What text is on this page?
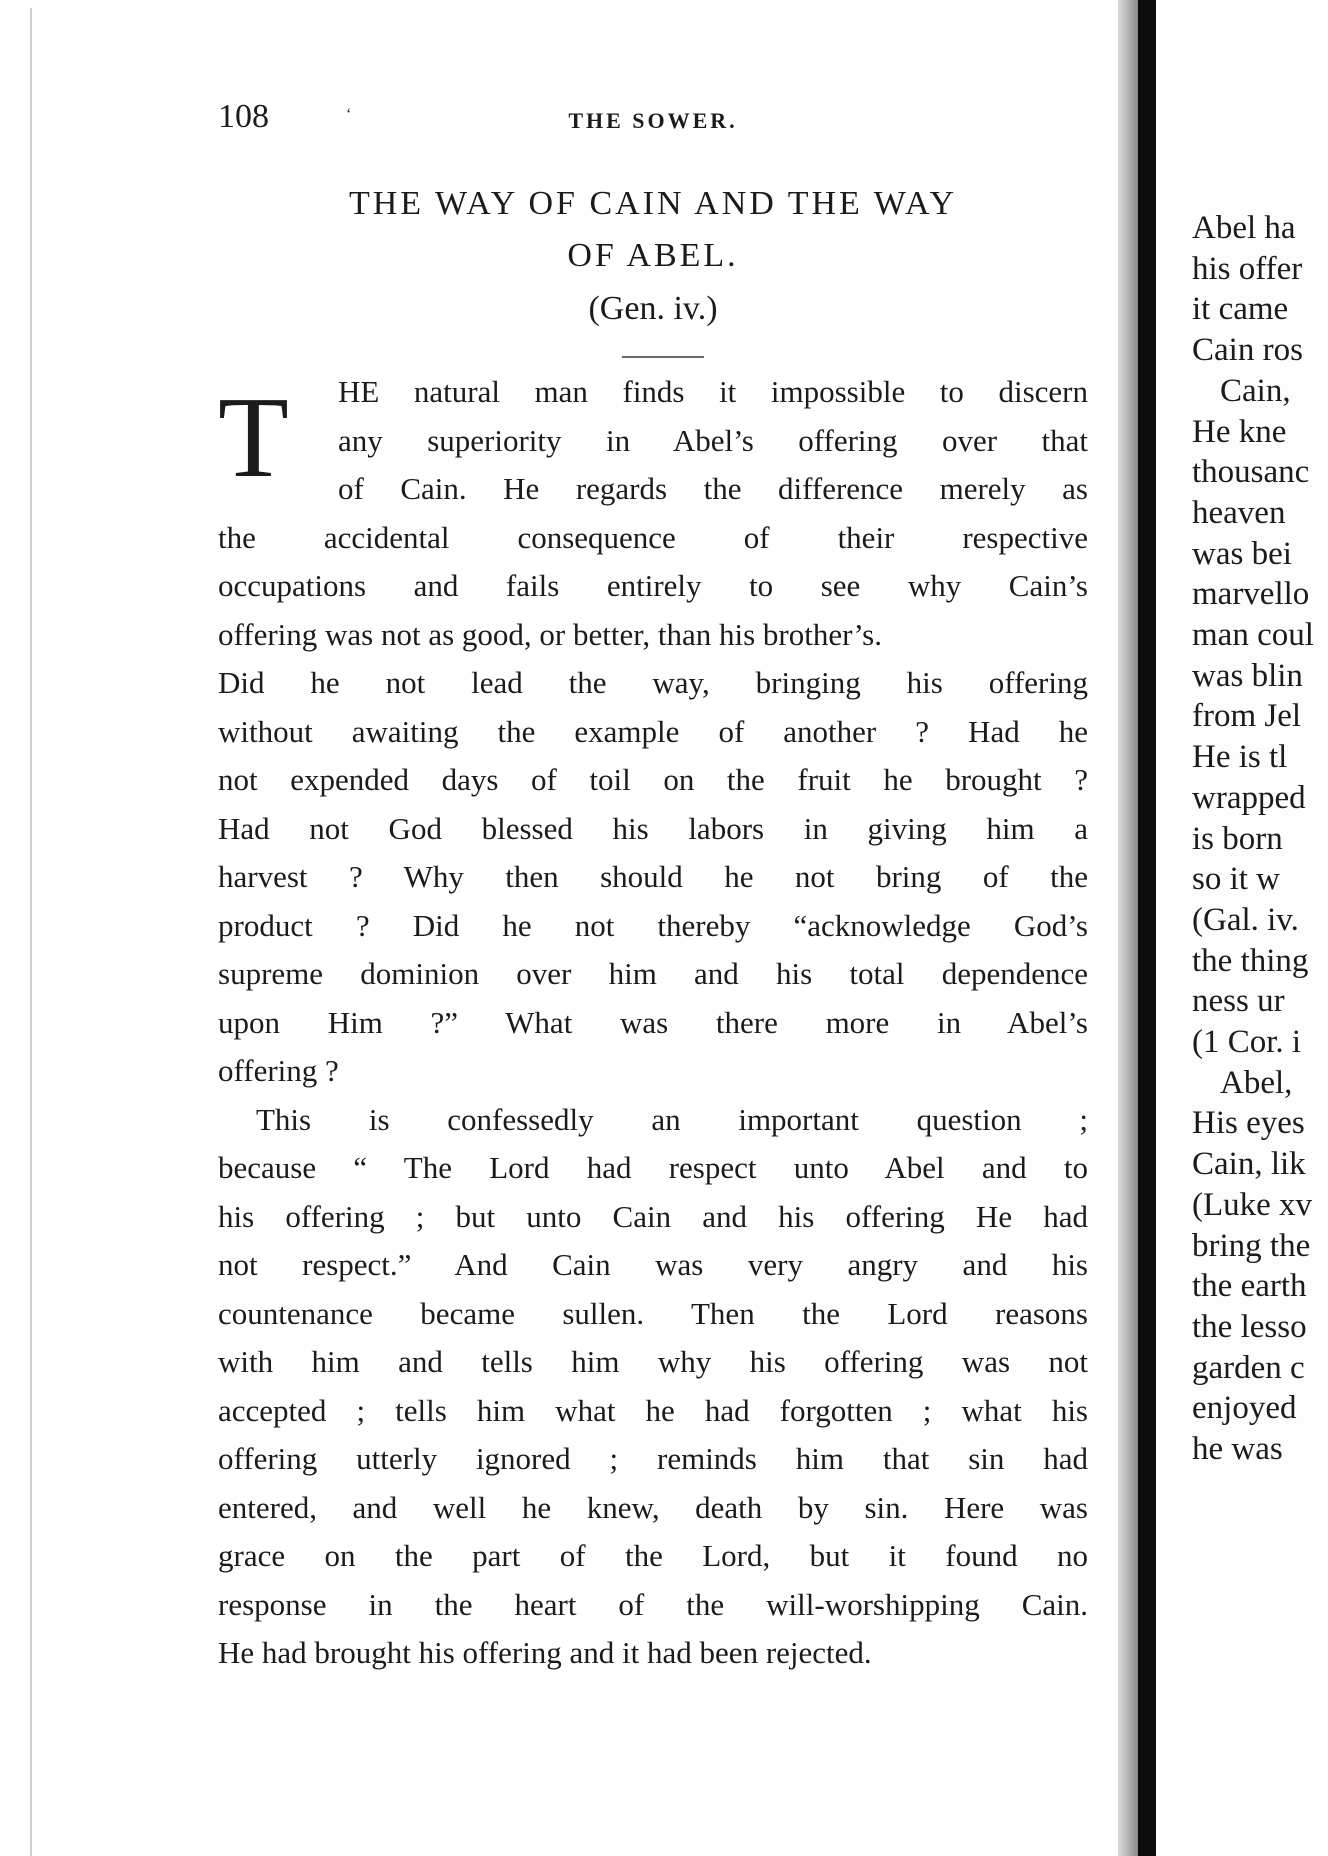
108	ʻ	THE SOWER.
THE WAY OF CAIN AND THE WAY
OF ABEL.
(Gen. iv.)
T	HE natural man finds it impossible to discern
any superiority in Abel’s offering over that
of Cain. He regards the difference merely as
the accidental consequence of their respective
occupations and fails entirely to see why Cain’s
offering was not as good, or better, than his brother’s.
Did he not lead the way, bringing his offering
without awaiting the example of another ? Had he
not expended days of toil on the fruit he brought ?
Had not God blessed his labors in giving him a
harvest ? Why then should he not bring of the
product ? Did he not thereby “acknowledge God’s
supreme dominion over him and his total dependence
upon Him ?” What was there more in Abel’s
offering ?
This is confessedly an important question ;
because “ The Lord had respect unto Abel and to
his offering ; but unto Cain and his offering He had
not respect.” And Cain was very angry and his
countenance became sullen. Then the Lord reasons
with him and tells him why his offering was not
accepted ; tells him what he had forgotten ; what his
offering utterly ignored ; reminds him that sin had
entered, and well he knew, death by sin. Here was
grace on the part of the Lord, but it found no
response in the heart of the will-worshipping Cain.
He had brought his offering and it had been rejected.
Abel ha
his offer
it came
Cain ros
Cain,
He kne
thousanc
heaven
was bei
marvello
man coul
was blin
from Jel
He is tl
wrapped
is born
so it w
(Gal. iv.
the thing
ness ur
(1 Cor. i
Abel,
His eyes
Cain, lik
(Luke xv
bring the
the earth
the lesso
garden c
enjoyed
he was
